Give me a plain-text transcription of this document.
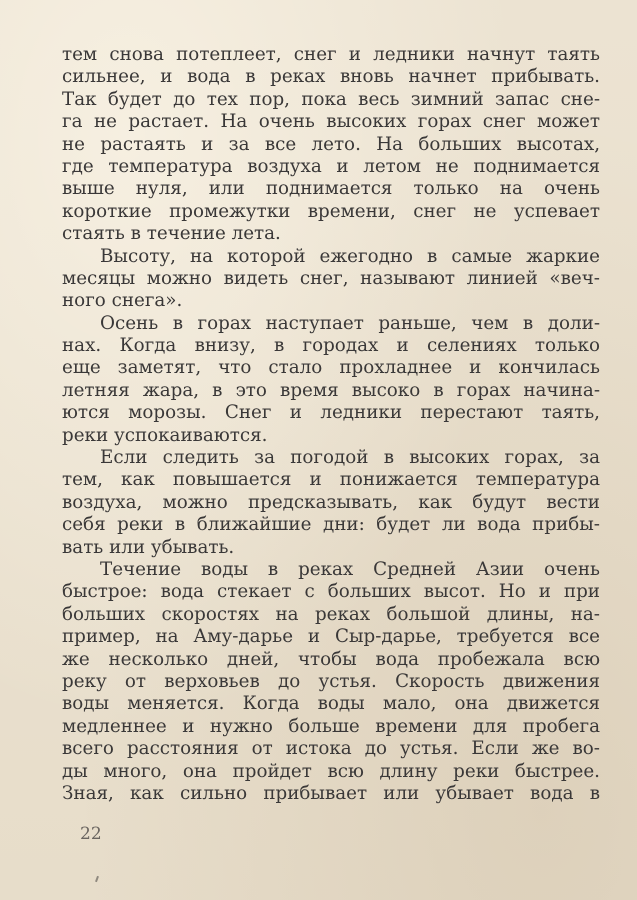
тем снова потеплеет, снег и ледники начнут таять
сильнее, и вода в реках вновь начнет прибывать.
Так будет до тех пор, пока весь зимний запас сне-
га не растает. На очень высоких горах снег может
не растаять и за все лето. На больших высотах,
где температура воздуха и летом не поднимается
выше нуля, или поднимается только на очень
короткие промежутки времени, снег не успевает
стаять в течение лета.
Высоту, на которой ежегодно в самые жаркие
месяцы можно видеть снег, называют линией «веч-
ного снега».
Осень в горах наступает раньше, чем в доли-
нах. Когда внизу, в городах и селениях только
еще заметят, что стало прохладнее и кончилась
летняя жара, в это время высоко в горах начина-
ются морозы. Снег и ледники перестают таять,
реки успокаиваются.
Если следить за погодой в высоких горах, за
тем, как повышается и понижается температура
воздуха, можно предсказывать, как будут вести
себя реки в ближайшие дни: будет ли вода прибы-
вать или убывать.
Течение воды в реках Средней Азии очень
быстрое: вода стекает с больших высот. Но и при
больших скоростях на реках большой длины, на-
пример, на Аму-дарье и Сыр-дарье, требуется все
же несколько дней, чтобы вода пробежала всю
реку от верховьев до устья. Скорость движения
воды меняется. Когда воды мало, она движется
медленнее и нужно больше времени для пробега
всего расстояния от истока до устья. Если же во-
ды много, она пройдет всю длину реки быстрее.
Зная, как сильно прибывает или убывает вода в
22
